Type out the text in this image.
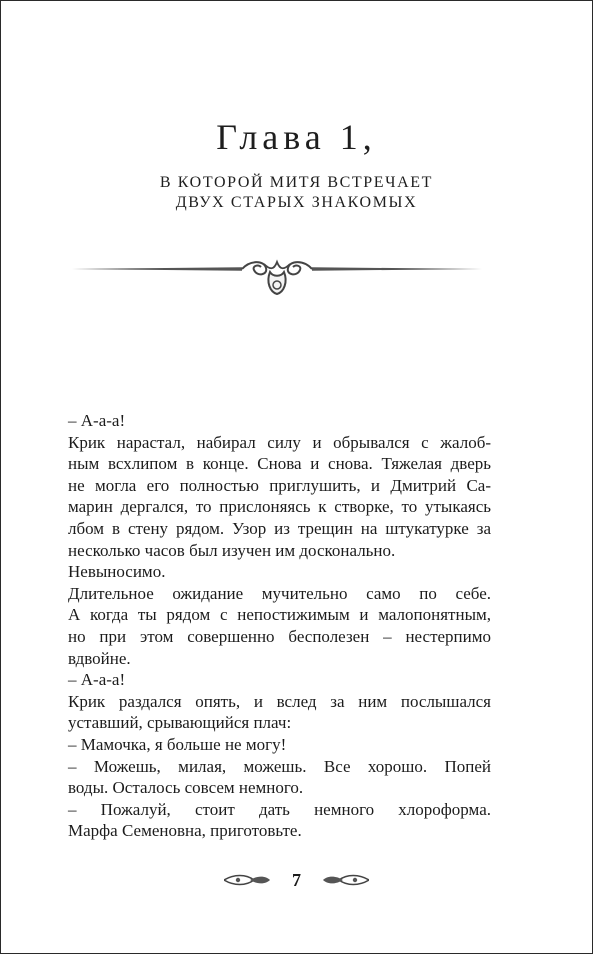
Глава 1,
В КОТОРОЙ МИТЯ ВСТРЕЧАЕТ
ДВУХ СТАРЫХ ЗНАКОМЫХ
– А-а-а!
Крик нарастал, набирал силу и обрывался с жалоб-
ным всхлипом в конце. Снова и снова. Тяжелая дверь
не могла его полностью приглушить, и Дмитрий Са-
марин дергался, то прислоняясь к створке, то утыкаясь
лбом в стену рядом. Узор из трещин на штукатурке за
несколько часов был изучен им досконально.
Невыносимо.
Длительное ожидание мучительно само по себе.
А когда ты рядом с непостижимым и малопонятным,
но при этом совершенно бесполезен – нестерпимо
вдвойне.
– А-а-а!
Крик раздался опять, и вслед за ним послышался
уставший, срывающийся плач:
– Мамочка, я больше не могу!
– Можешь, милая, можешь. Все хорошо. Попей
воды. Осталось совсем немного.
– Пожалуй, стоит дать немного хлороформа.
Марфа Семеновна, приготовьте.
7
